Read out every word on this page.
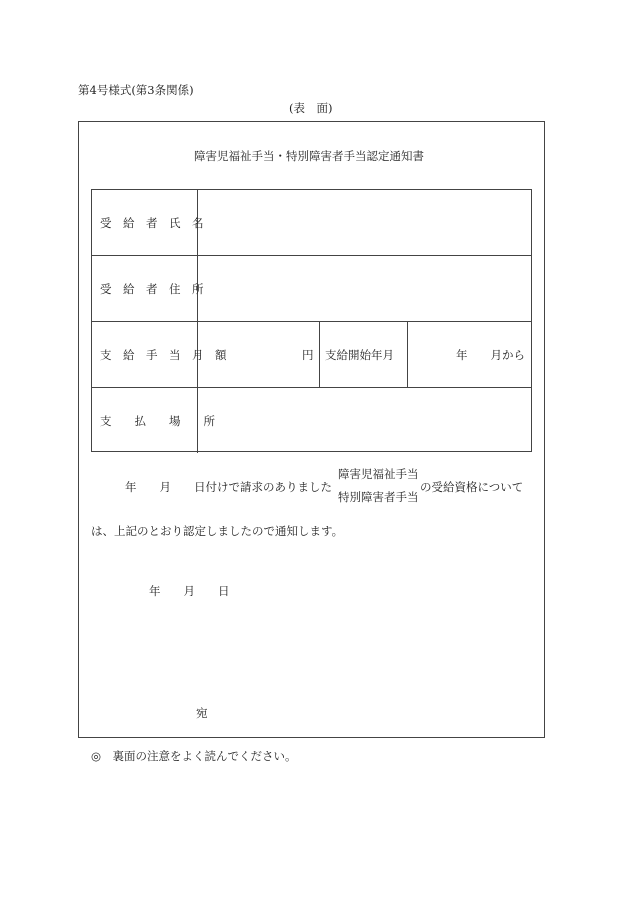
第4号様式(第3条関係)
(表　面)
障害児福祉手当・特別障害者手当認定通知書
受　給　者　氏　名
受　給　者　住　所
支　給　手　当　月　額	円 支給開始年月	年　　月から
支　　払　　場　　所
年　　月　　日付けで請求のありました
障害児福祉手当
特別障害者手当
の受給資格について
は、上記のとおり認定しましたので通知します。
年　　月　　日
宛
◎　裏面の注意をよく読んでください。
